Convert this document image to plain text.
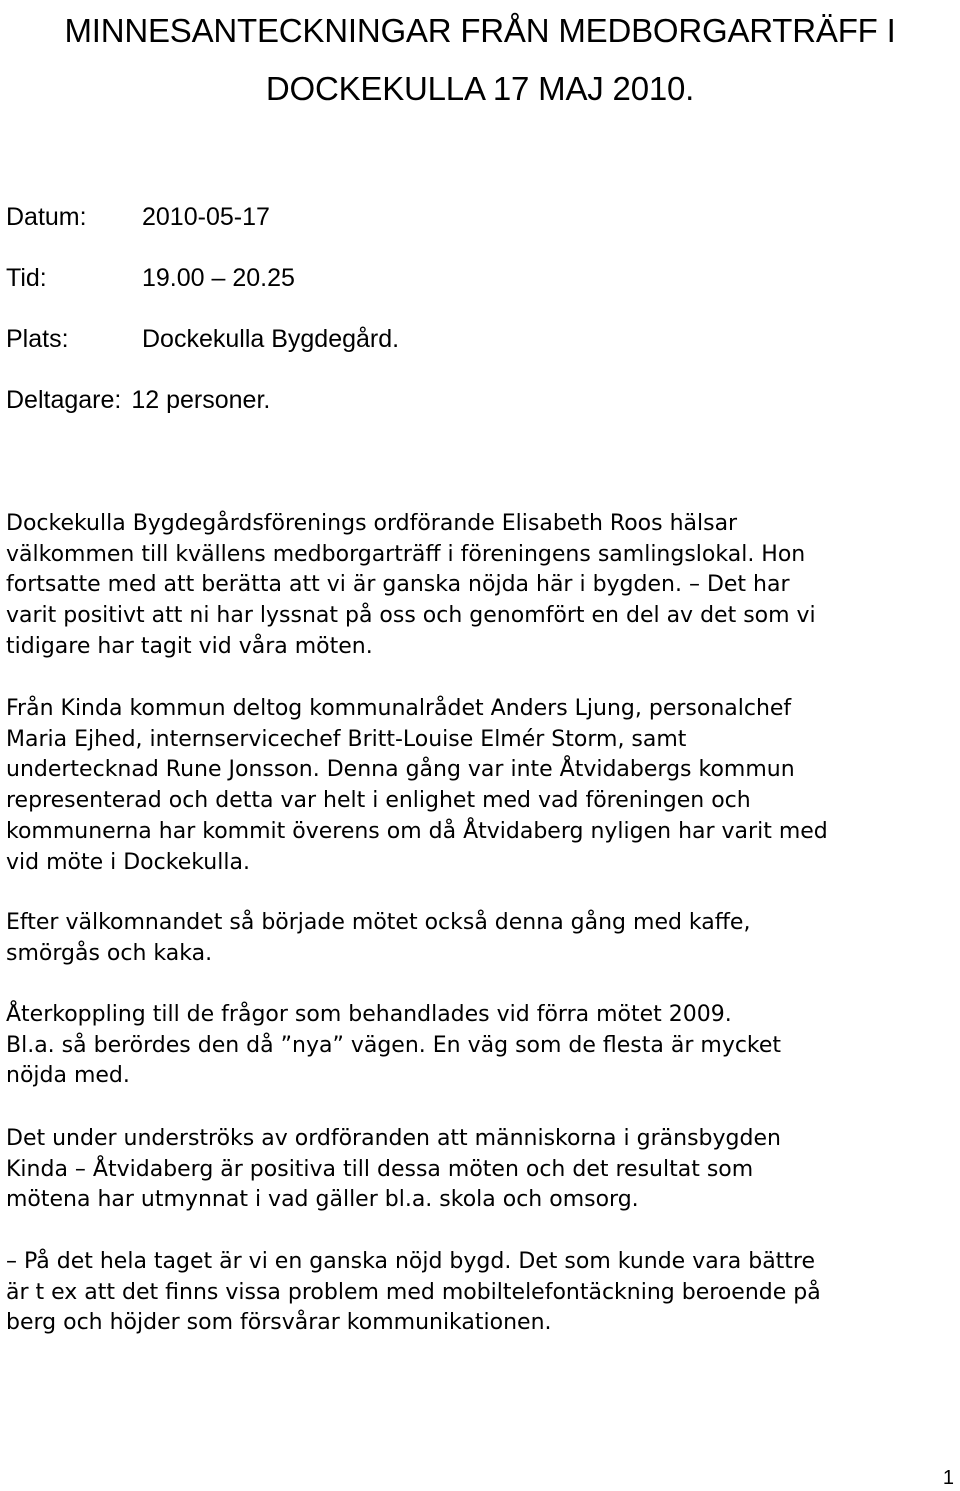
MINNESANTECKNINGAR FRÅN MEDBORGARTRÄFF I
DOCKEKULLA 17 MAJ 2010.
Datum: 2010-05-17
Tid:	19.00 – 20.25
Plats:	Dockekulla Bygdegård.
Deltagare: 12 personer.

Dockekulla Bygdegårdsförenings ordförande Elisabeth Roos hälsar
välkommen till kvällens medborgarträff i föreningens samlingslokal. Hon
fortsatte med att berätta att vi är ganska nöjda här i bygden. – Det har
varit positivt att ni har lyssnat på oss och genomfört en del av det som vi
tidigare har tagit vid våra möten.

Från Kinda kommun deltog kommunalrådet Anders Ljung, personalchef
Maria Ejhed, internservicechef Britt-Louise Elmér Storm, samt
undertecknad Rune Jonsson. Denna gång var inte Åtvidabergs kommun
representerad och detta var helt i enlighet med vad föreningen och
kommunerna har kommit överens om då Åtvidaberg nyligen har varit med
vid möte i Dockekulla.

Efter välkomnandet så började mötet också denna gång med kaffe,
smörgås och kaka.

Återkoppling till de frågor som behandlades vid förra mötet 2009.
Bl.a. så berördes den då ”nya” vägen. En väg som de flesta är mycket
nöjda med.

Det under underströks av ordföranden att människorna i gränsbygden
Kinda – Åtvidaberg är positiva till dessa möten och det resultat som
mötena har utmynnat i vad gäller bl.a. skola och omsorg.

– På det hela taget är vi en ganska nöjd bygd. Det som kunde vara bättre
är t ex att det finns vissa problem med mobiltelefontäckning beroende på
berg och höjder som försvårar kommunikationen.

1
